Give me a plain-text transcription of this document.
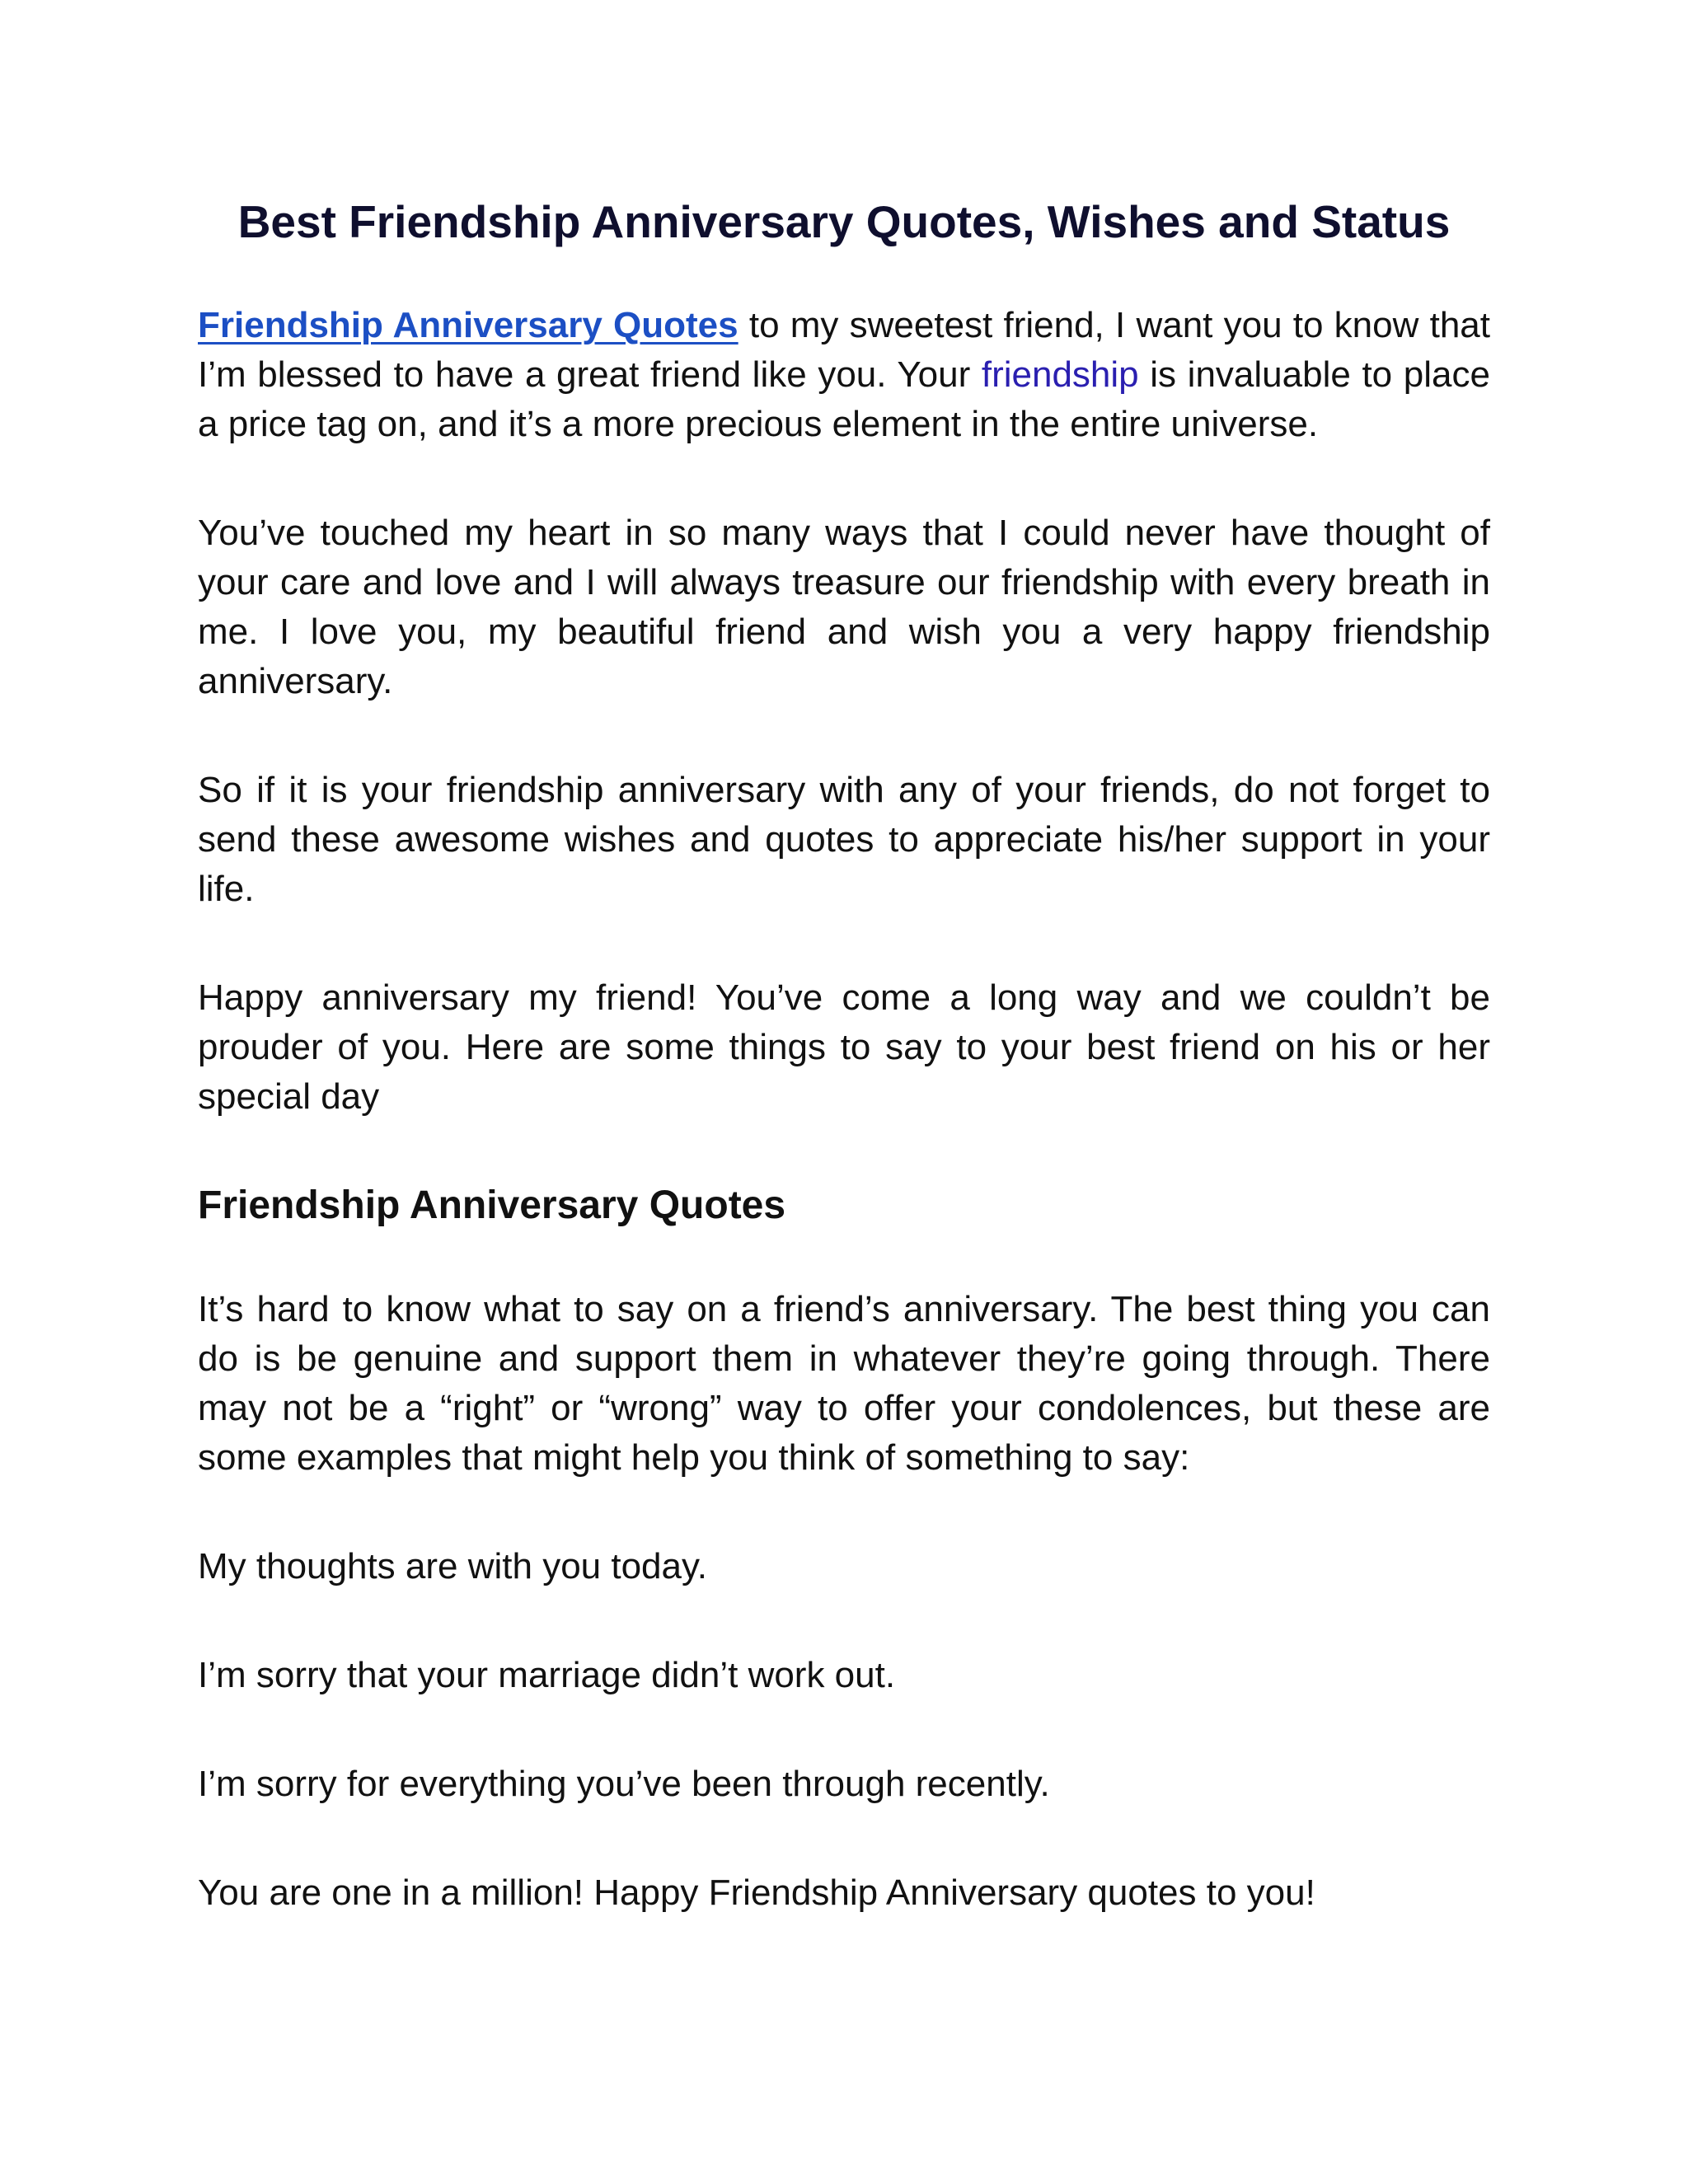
Best Friendship Anniversary Quotes, Wishes and Status

Friendship Anniversary Quotes to my sweetest friend, I want you to know that I’m blessed to have a great friend like you. Your friendship is invaluable to place a price tag on, and it’s a more precious element in the entire universe.

You’ve touched my heart in so many ways that I could never have thought of your care and love and I will always treasure our friendship with every breath in me. I love you, my beautiful friend and wish you a very happy friendship anniversary.

So if it is your friendship anniversary with any of your friends, do not forget to send these awesome wishes and quotes to appreciate his/her support in your life.

Happy anniversary my friend! You’ve come a long way and we couldn’t be prouder of you. Here are some things to say to your best friend on his or her special day

Friendship Anniversary Quotes

It’s hard to know what to say on a friend’s anniversary. The best thing you can do is be genuine and support them in whatever they’re going through. There may not be a “right” or “wrong” way to offer your condolences, but these are some examples that might help you think of something to say:

My thoughts are with you today.

I’m sorry that your marriage didn’t work out.

I’m sorry for everything you’ve been through recently.

You are one in a million! Happy Friendship Anniversary quotes to you!
